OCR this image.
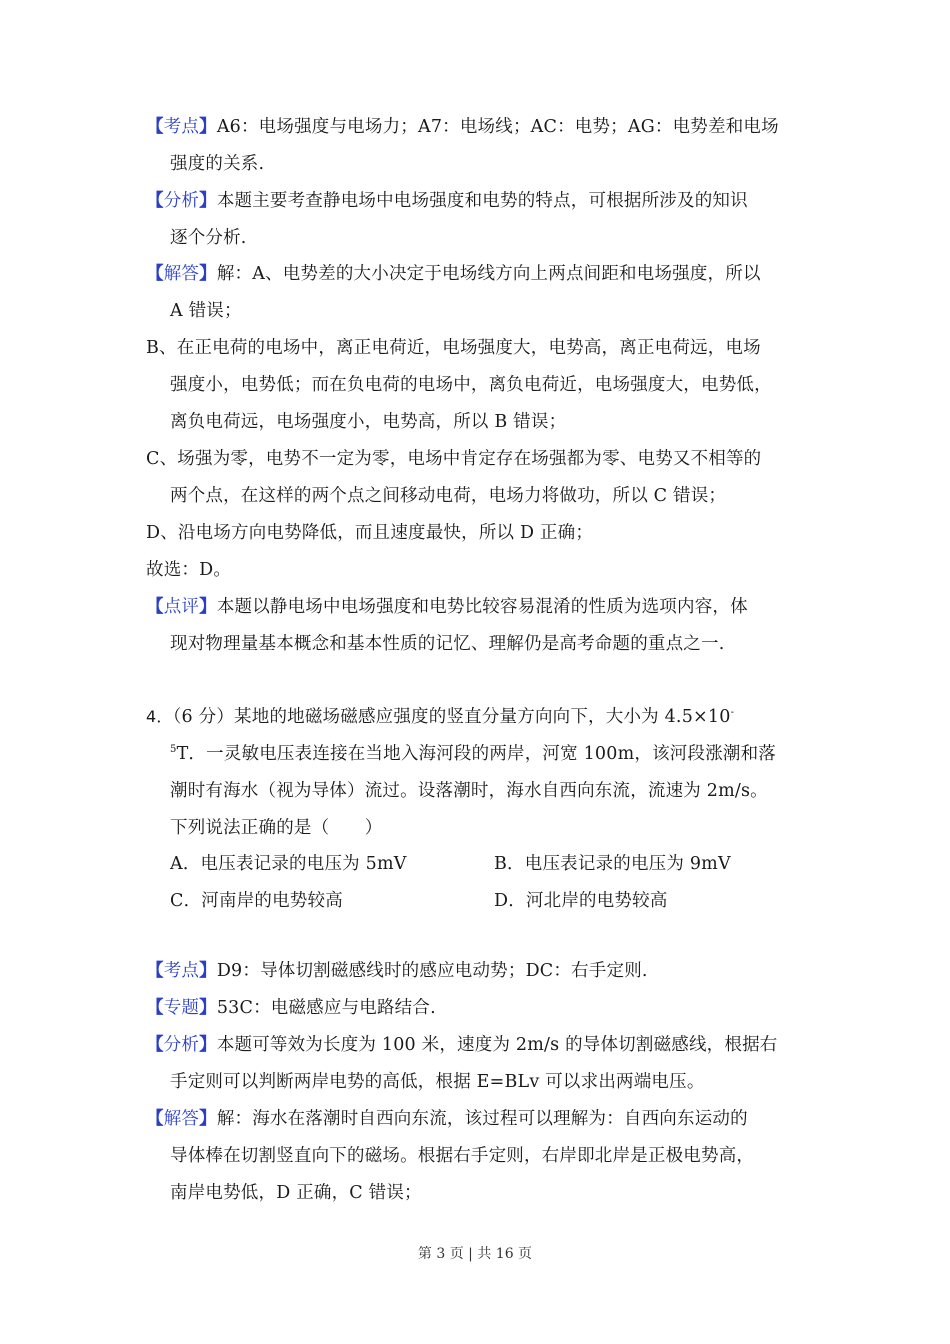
【考点】A6：电场强度与电场力；A7：电场线；AC：电势；AG：电势差和电场
强度的关系.
【分析】本题主要考查静电场中电场强度和电势的特点，可根据所涉及的知识
逐个分析.
【解答】解：A、电势差的大小决定于电场线方向上两点间距和电场强度，所以
A 错误；
B、在正电荷的电场中，离正电荷近，电场强度大，电势高，离正电荷远，电场
强度小，电势低；而在负电荷的电场中，离负电荷近，电场强度大，电势低，
离负电荷远，电场强度小，电势高，所以 B 错误；
C、场强为零，电势不一定为零，电场中肯定存在场强都为零、电势又不相等的
两个点，在这样的两个点之间移动电荷，电场力将做功，所以 C 错误；
D、沿电场方向电势降低，而且速度最快，所以 D 正确；
故选：D。
【点评】本题以静电场中电场强度和电势比较容易混淆的性质为选项内容，体
现对物理量基本概念和基本性质的记忆、理解仍是高考命题的重点之一.
4．（6 分）某地的地磁场磁感应强度的竖直分量方向向下，大小为 4.5×10-
$^5$T．一灵敏电压表连接在当地入海河段的两岸，河宽 100m，该河段涨潮和落
潮时有海水（视为导体）流过。设落潮时，海水自西向东流，流速为 2m/s。
下列说法正确的是（　　）
A．电压表记录的电压为 5mV	B．电压表记录的电压为 9mV
C．河南岸的电势较高	D．河北岸的电势较高
【考点】D9：导体切割磁感线时的感应电动势；DC：右手定则.
【专题】53C：电磁感应与电路结合.
【分析】本题可等效为长度为 100 米，速度为 2m/s 的导体切割磁感线，根据右
手定则可以判断两岸电势的高低，根据 E=BLv 可以求出两端电压。
【解答】解：海水在落潮时自西向东流，该过程可以理解为：自西向东运动的
导体棒在切割竖直向下的磁场。根据右手定则，右岸即北岸是正极电势高，
南岸电势低，D 正确，C 错误；
第 3 页 | 共 16 页
